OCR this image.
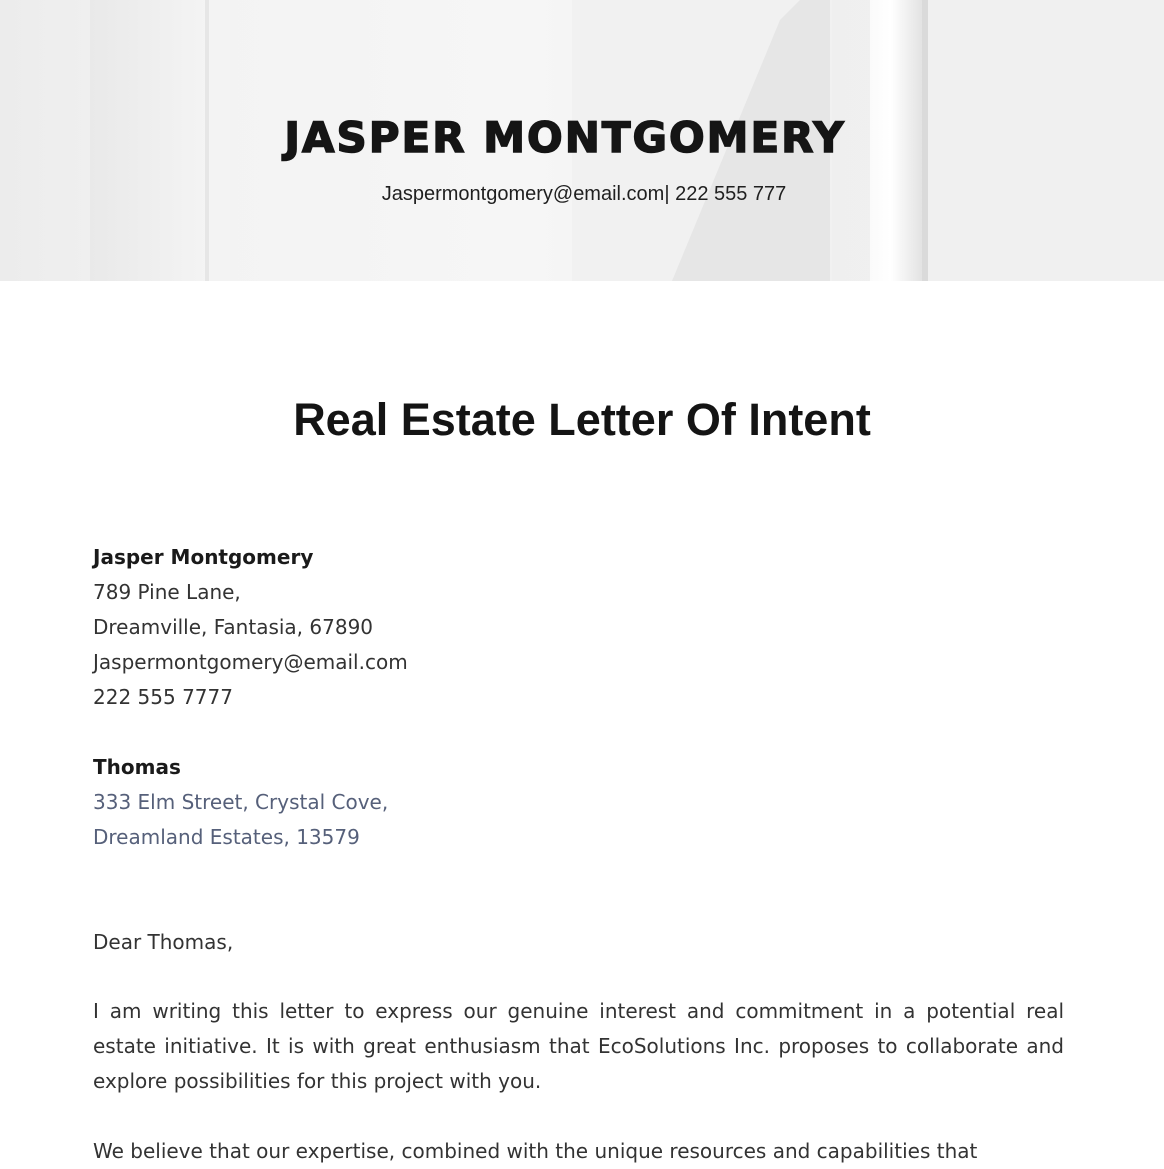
JASPER MONTGOMERY
Jaspermontgomery@email.com| 222 555 777
Real Estate Letter Of Intent
Jasper Montgomery
789 Pine Lane,
Dreamville, Fantasia, 67890
Jaspermontgomery@email.com
222 555 7777
Thomas
333 Elm Street, Crystal Cove,
Dreamland Estates, 13579
Dear Thomas,

I am writing this letter to express our genuine interest and commitment in a potential real estate initiative. It is with great enthusiasm that EcoSolutions Inc. proposes to collaborate and explore possibilities for this project with you.

We believe that our expertise, combined with the unique resources and capabilities that
